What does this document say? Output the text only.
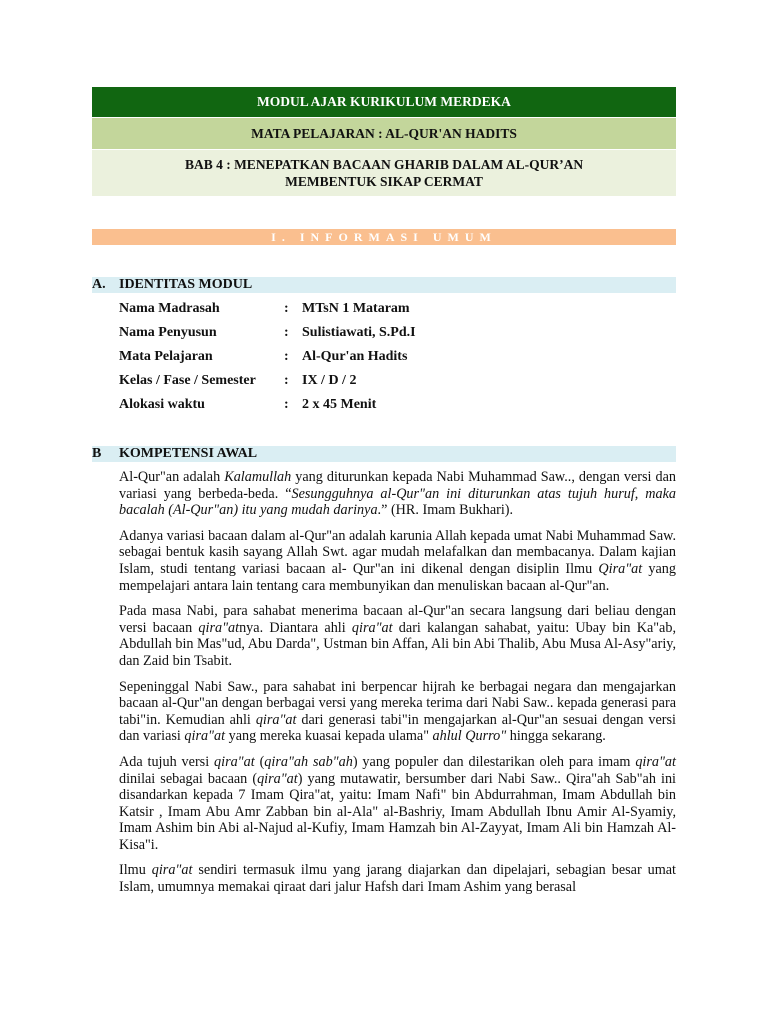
MODUL AJAR KURIKULUM MERDEKA
MATA PELAJARAN : AL-QUR'AN HADITS
BAB 4 : MENEPATKAN BACAAN GHARIB DALAM AL-QUR’AN
MEMBENTUK SIKAP CERMAT
I. INFORMASI UMUM
A. IDENTITAS MODUL
Nama Madrasah	: MTsN 1 Mataram
Nama Penyusun	: Sulistiawati, S.Pd.I
Mata Pelajaran	: Al-Qur'an Hadits
Kelas / Fase / Semester : IX / D / 2
Alokasi waktu	: 2 x 45 Menit
B KOMPETENSI AWAL

Al-Qur"an adalah Kalamullah yang diturunkan kepada Nabi Muhammad Saw.., dengan versi dan variasi yang berbeda-beda. “Sesungguhnya al-Qur"an ini diturunkan atas tujuh huruf, maka bacalah (Al-Qur"an) itu yang mudah darinya.” (HR. Imam Bukhari).

Adanya variasi bacaan dalam al-Qur"an adalah karunia Allah kepada umat Nabi Muhammad Saw. sebagai bentuk kasih sayang Allah Swt. agar mudah melafalkan dan membacanya. Dalam kajian Islam, studi tentang variasi bacaan al- Qur"an ini dikenal dengan disiplin Ilmu Qira"at yang mempelajari antara lain tentang cara membunyikan dan menuliskan bacaan al-Qur"an.

Pada masa Nabi, para sahabat menerima bacaan al-Qur"an secara langsung dari beliau dengan versi bacaan qira"atnya. Diantara ahli qira"at dari kalangan sahabat, yaitu: Ubay bin Ka"ab, Abdullah bin Mas"ud, Abu Darda", Ustman bin Affan, Ali bin Abi Thalib, Abu Musa Al-Asy"ariy, dan Zaid bin Tsabit.

Sepeninggal Nabi Saw., para sahabat ini berpencar hijrah ke berbagai negara dan mengajarkan bacaan al-Qur"an dengan berbagai versi yang mereka terima dari Nabi Saw.. kepada generasi para tabi"in. Kemudian ahli qira"at dari generasi tabi"in mengajarkan al-Qur"an sesuai dengan versi dan variasi qira"at yang mereka kuasai kepada ulama" ahlul Qurro" hingga sekarang.

Ada tujuh versi qira"at (qira"ah sab"ah) yang populer dan dilestarikan oleh para imam qira"at dinilai sebagai bacaan (qira"at) yang mutawatir, bersumber dari Nabi Saw.. Qira"ah Sab"ah ini disandarkan kepada 7 Imam Qira"at, yaitu: Imam Nafi" bin Abdurrahman, Imam Abdullah bin Katsir , Imam Abu Amr Zabban bin al-Ala" al-Bashriy, Imam Abdullah Ibnu Amir Al-Syamiy, Imam Ashim bin Abi al-Najud al-Kufiy, Imam Hamzah bin Al-Zayyat, Imam Ali bin Hamzah Al-Kisa"i.

Ilmu qira"at sendiri termasuk ilmu yang jarang diajarkan dan dipelajari, sebagian besar umat Islam, umumnya memakai qiraat dari jalur Hafsh dari Imam Ashim yang berasal
